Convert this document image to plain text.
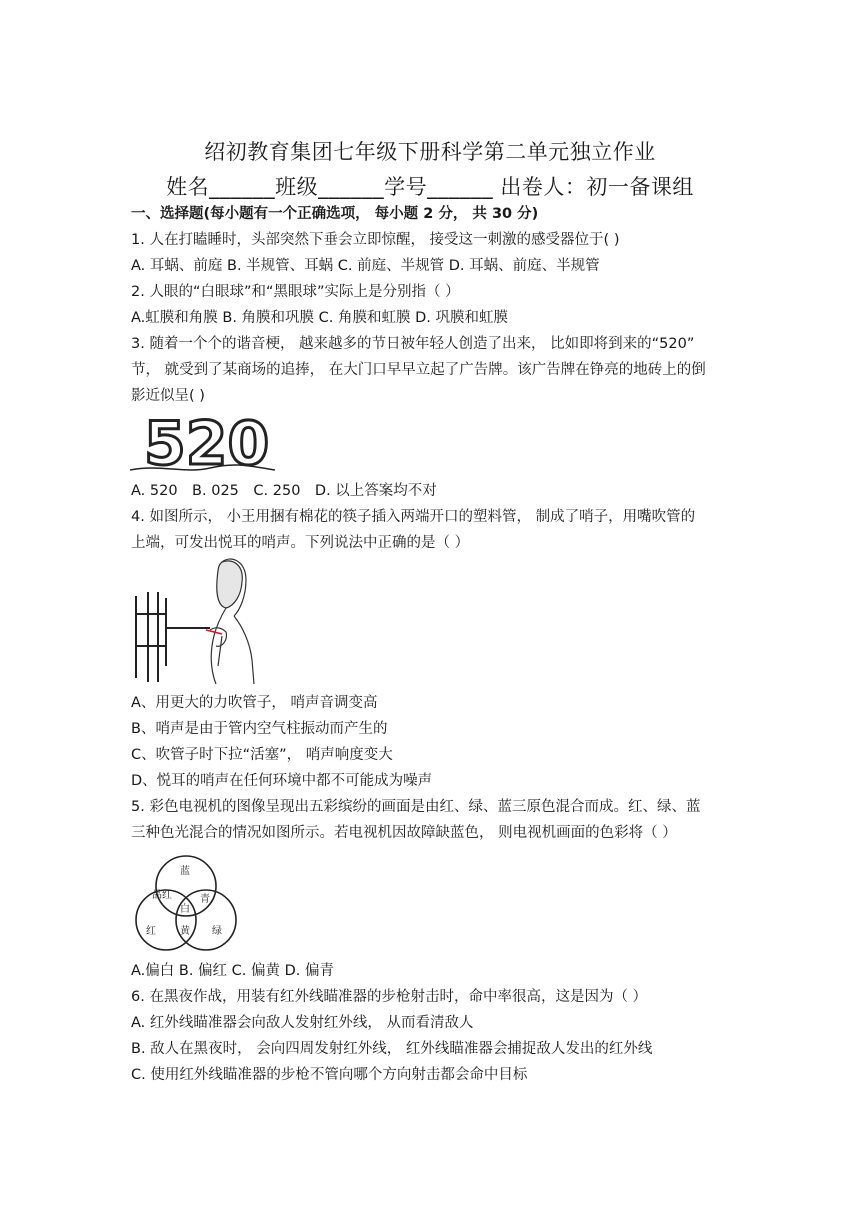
绍初教育集团七年级下册科学第二单元独立作业
姓名______班级______学号______ 出卷人：初一备课组
一、选择题(每小题有一个正确选项， 每小题 2 分， 共 30 分)
1. 人在打瞌睡时，头部突然下垂会立即惊醒， 接受这一刺激的感受器位于( )
A. 耳蜗、前庭 B. 半规管、耳蜗 C. 前庭、半规管 D. 耳蜗、前庭、半规管
2. 人眼的“白眼球”和“黑眼球”实际上是分别指（ ）
A.虹膜和角膜 B. 角膜和巩膜 C. 角膜和虹膜 D. 巩膜和虹膜
3. 随着一个个的谐音梗， 越来越多的节日被年轻人创造了出来， 比如即将到来的“520”
节， 就受到了某商场的追捧， 在大门口早早立起了广告牌。该广告牌在铮亮的地砖上的倒
影近似呈( )
520
A. 520　B. 025　C. 250　D. 以上答案均不对
4. 如图所示， 小王用捆有棉花的筷子插入两端开口的塑料管， 制成了哨子，用嘴吹管的
上端，可发出悦耳的哨声。下列说法中正确的是（ ）
A、用更大的力吹管子， 哨声音调变高
B、哨声是由于管内空气柱振动而产生的
C、吹管子时下拉“活塞”， 哨声响度变大
D、悦耳的哨声在任何环境中都不可能成为噪声
5. 彩色电视机的图像呈现出五彩缤纷的画面是由红、绿、蓝三原色混合而成。红、绿、蓝
三种色光混合的情况如图所示。若电视机因故障缺蓝色， 则电视机画面的色彩将（ ）
蓝
品红	青
白
红 黄 绿
A.偏白 B. 偏红 C. 偏黄 D. 偏青
6. 在黑夜作战，用装有红外线瞄准器的步枪射击时，命中率很高，这是因为（ ）
A. 红外线瞄准器会向敌人发射红外线， 从而看清敌人
B. 敌人在黑夜时， 会向四周发射红外线， 红外线瞄准器会捕捉敌人发出的红外线
C. 使用红外线瞄准器的步枪不管向哪个方向射击都会命中目标
